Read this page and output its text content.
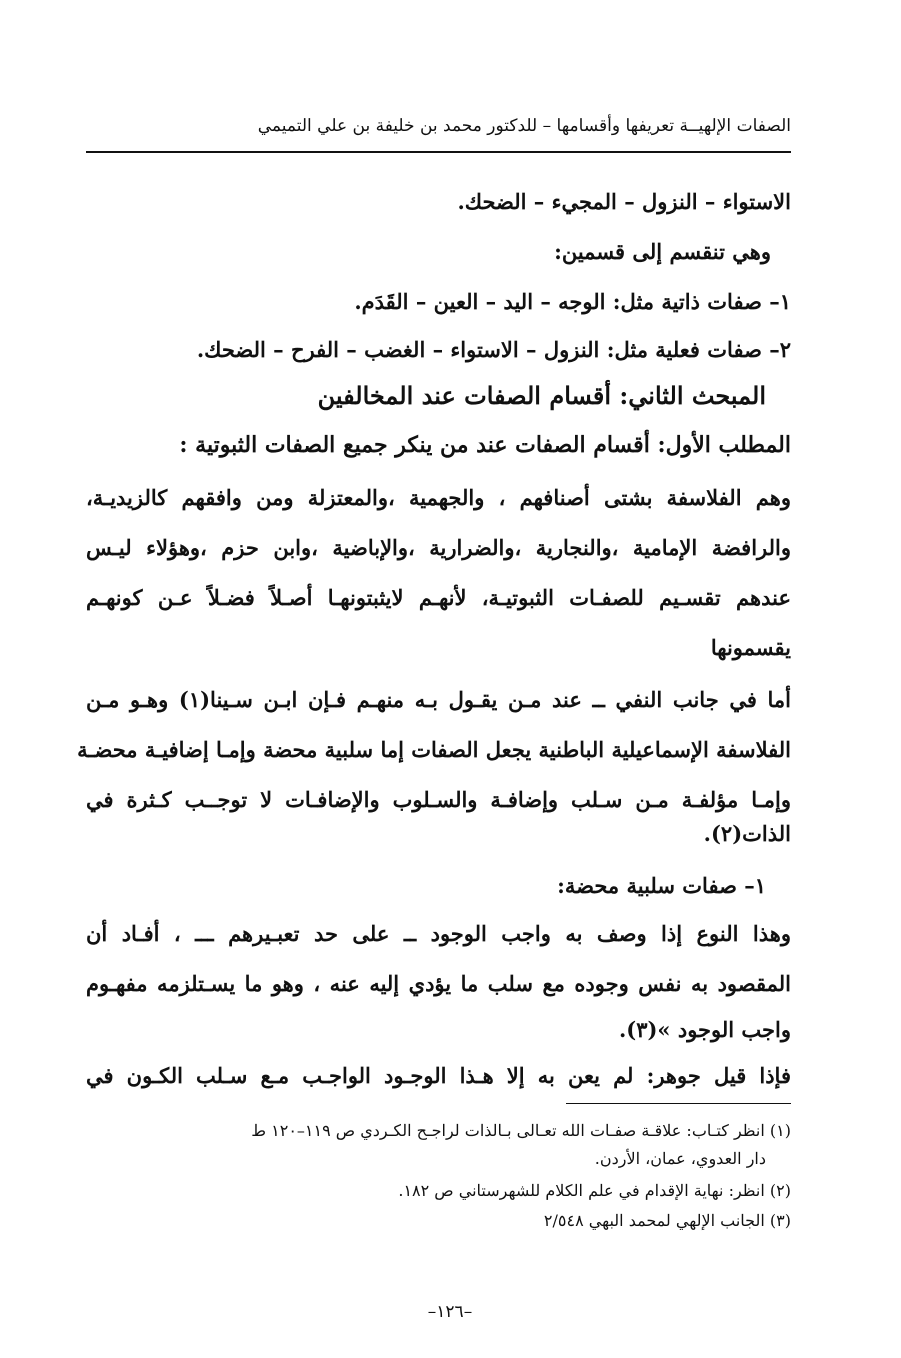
الصفات الإلهيــة تعريفها وأقسامها – للدكتور محمد بن خليفة بن علي التميمي
الاستواء – النزول – المجيء – الضحك.
وهي تنقسم إلى قسمين:
١– صفات ذاتية مثل: الوجه – اليد – العين – القَدَم.
٢– صفات فعلية مثل: النزول – الاستواء – الغضب – الفرح – الضحك.
المبحث الثاني: أقسام الصفات عند المخالفين
المطلب الأول: أقسام الصفات عند من ينكر جميع الصفات الثبوتية :
وهم الفلاسفة بشتى أصنافهم ، والجهمية ،والمعتزلة ومن وافقهم كالزيديـة،
والرافضة الإمامية ،والنجارية ،والضرارية ،والإباضية ،وابن حزم ،وهؤلاء ليـس
عندهم تقسـيم للصفـات الثبوتيـة، لأنهـم لايثبتونهـا أصـلاً فضـلاً عـن كونهـم
يقسمونها
أما في جانب النفي ــ عند مـن يقـول بـه منهـم فـإن ابـن سـينا(١) وهـو مـن
الفلاسفة الإسماعيلية الباطنية يجعل الصفات إما سلبية محضة وإمـا إضافيـة محضـة
وإمـا مؤلفـة مـن سـلب وإضافـة والسـلوب والإضافـات لا توجــب كـثرة في
الذات(٢).
١– صفات سلبية محضة:
وهذا النوع إذا وصف به واجب الوجود ــ على حد تعبـيرهم ـــ ، أفـاد أن
المقصود به نفس وجوده مع سلب ما يؤدي إليه عنه ، وهو ما يسـتلزمه مفهـوم
واجب الوجود »(٣).
فإذا قيل جوهر: لم يعن به إلا هـذا الوجـود الواجـب مـع سـلب الكـون في
(١) انظر كتـاب: علاقـة صفـات الله تعـالى بـالذات لراجـح الكـردي ص ١١٩–١٢٠ ط
دار العدوي، عمان، الأردن.
(٢) انظر: نهاية الإقدام في علم الكلام للشهرستاني ص ١٨٢.
(٣) الجانب الإلهي لمحمد البهي ٢/٥٤٨
–١٢٦–
